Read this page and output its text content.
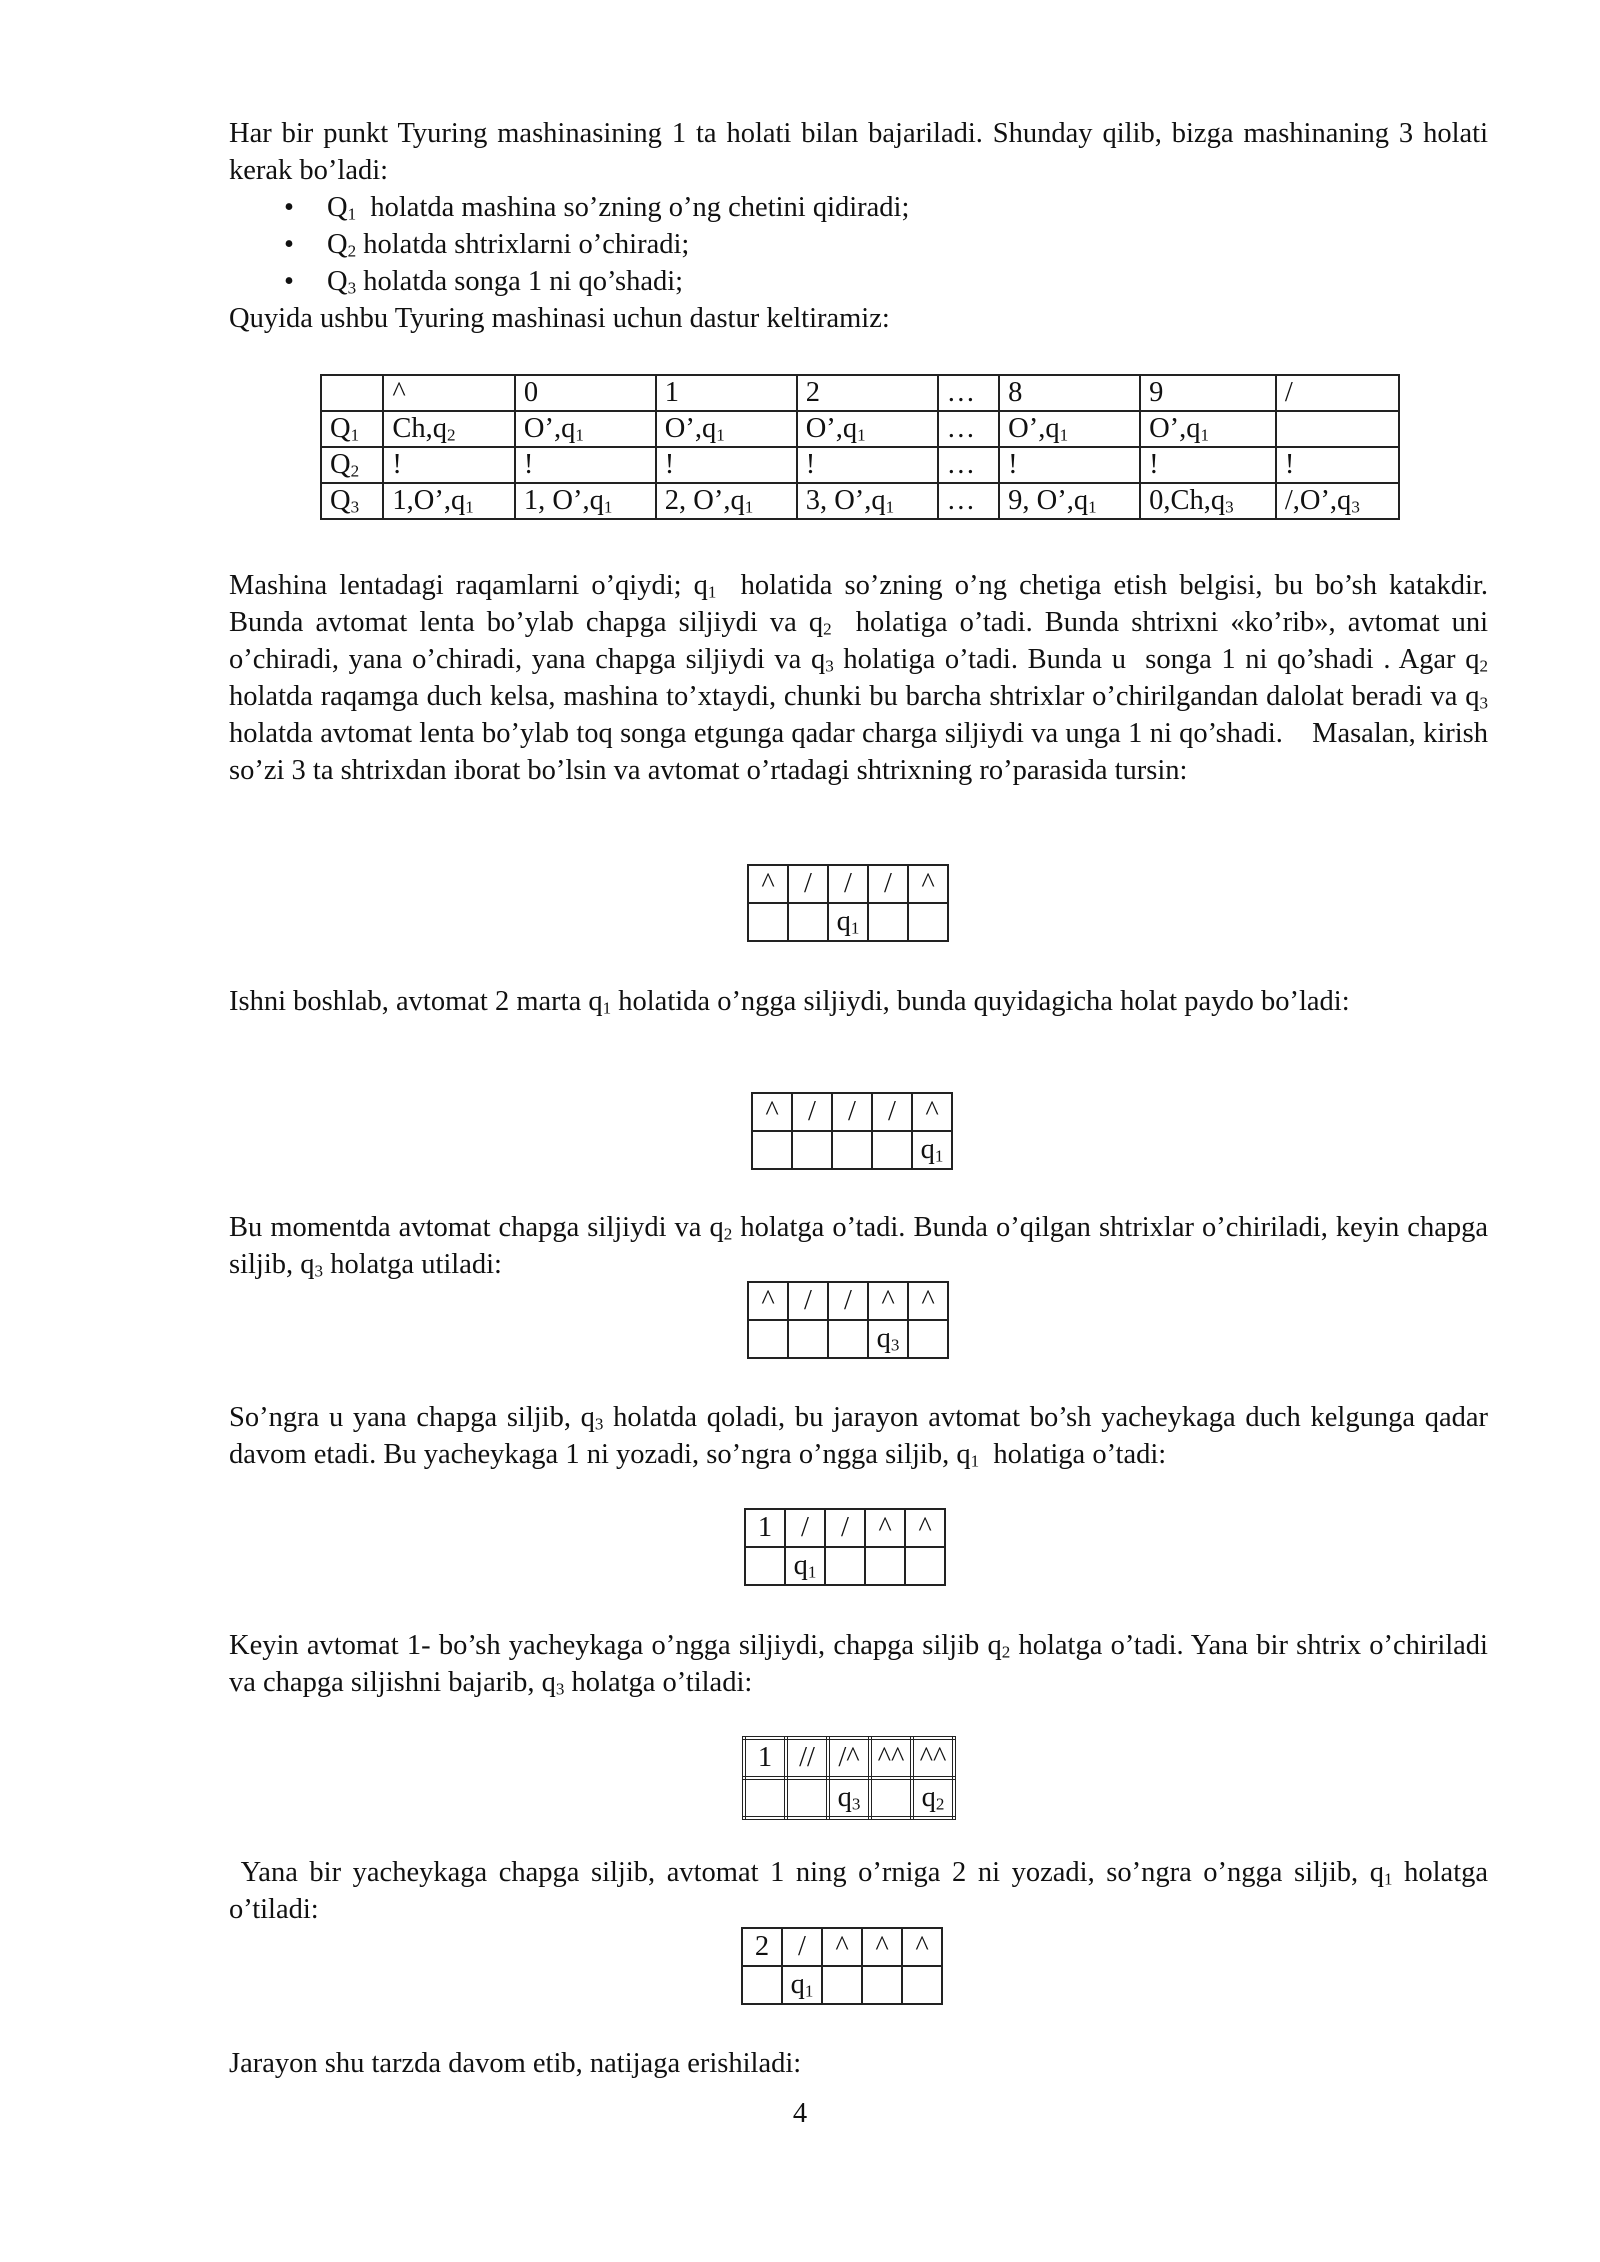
Har bir punkt Tyuring mashinasining 1 ta holati bilan bajariladi. Shunday qilib, bizga mashinaning 3 holati kerak bo’ladi:

• $Q_1$  holatda mashina so’zning o’ng chetini qidiradi;
• $Q_2$ holatda shtrixlarni o’chiradi;
• $Q_3$ holatda songa 1 ni qo’shadi;

Quyida ushbu Tyuring mashinasi uchun dastur keltiramiz:

	^	0	1	2	…	8	9	/
$Q_1$	$Ch,q_2$	$O’,q_1$	$O’,q_1$	$O’,q_1$	…	$O’,q_1$	$O’,q_1$	
$Q_2$	!	!	!	!	…	!	!	!
$Q_3$	$1,O’,q_1$	1, $O’,q_1$	2, $O’,q_1$	3, $O’,q_1$	…	9, $O’,q_1$	$0,Ch,q_3$	$/,O’,q_3$

Mashina lentadagi raqamlarni o’qiydi; $q_1$  holatida so’zning o’ng chetiga etish belgisi, bu bo’sh katakdir. Bunda avtomat lenta bo’ylab chapga siljiydi va $q_2$  holatiga o’tadi. Bunda shtrixni «ko’rib», avtomat uni o’chiradi, yana o’chiradi, yana chapga siljiydi va $q_3$ holatiga o’tadi. Bunda u  songa 1 ni qo’shadi . Agar $q_2$ holatda raqamga duch kelsa, mashina to’xtaydi, chunki bu barcha shtrixlar o’chirilgandan dalolat beradi va $q_3$ holatda avtomat lenta bo’ylab toq songa etgunga qadar charga siljiydi va unga 1 ni qo’shadi.    Masalan, kirish so’zi 3 ta shtrixdan iborat bo’lsin va avtomat o’rtadagi shtrixning ro’parasida tursin:

^	/	/	/	^
		$q_1$		

Ishni boshlab, avtomat 2 marta $q_1$ holatida o’ngga siljiydi, bunda quyidagicha holat paydo bo’ladi:

^	/	/	/	^
				$q_1$

Bu momentda avtomat chapga siljiydi va $q_2$ holatga o’tadi. Bunda o’qilgan shtrixlar o’chiriladi, keyin chapga siljib, $q_3$ holatga utiladi:

^	/	/	^	^
			$q_3$	

So’ngra u yana chapga siljib, $q_3$ holatda qoladi, bu jarayon avtomat bo’sh yacheykaga duch kelgunga qadar davom etadi. Bu yacheykaga 1 ni yozadi, so’ngra o’ngga siljib, $q_1$  holatiga o’tadi:

1	/	/	^	^
	$q_1$			

Keyin avtomat 1- bo’sh yacheykaga o’ngga siljiydi, chapga siljib $q_2$ holatga o’tadi. Yana bir shtrix o’chiriladi va chapga siljishni bajarib, $q_3$ holatga o’tiladi:

1	//	/^	^^	^^
		$q_3$		$q_2$

Yana bir yacheykaga chapga siljib, avtomat 1 ning o’rniga 2 ni yozadi, so’ngra o’ngga siljib, $q_1$ holatga o’tiladi:

2	/	^	^	^
	$q_1$			

Jarayon shu tarzda davom etib, natijaga erishiladi:

4
